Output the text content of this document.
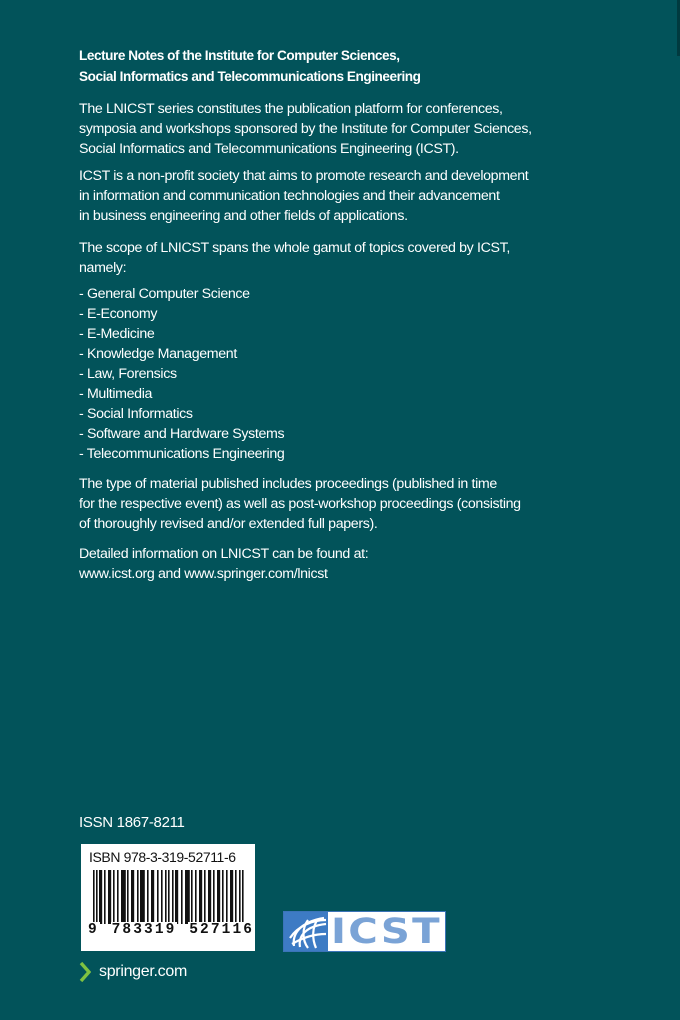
Lecture Notes of the Institute for Computer Sciences,
Social Informatics and Telecommunications Engineering
The LNICST series constitutes the publication platform for conferences,
symposia and workshops sponsored by the Institute for Computer Sciences,
Social Informatics and Telecommunications Engineering (ICST).
ICST is a non-profit society that aims to promote research and development
in information and communication technologies and their advancement
in business engineering and other fields of applications.
The scope of LNICST spans the whole gamut of topics covered by ICST,
namely:
- General Computer Science
- E-Economy
- E-Medicine
- Knowledge Management
- Law, Forensics
- Multimedia
- Social Informatics
- Software and Hardware Systems
- Telecommunications Engineering
The type of material published includes proceedings (published in time
for the respective event) as well as post-workshop proceedings (consisting
of thoroughly revised and/or extended full papers).
Detailed information on LNICST can be found at:
www.icst.org and www.springer.com/lnicst
ISSN 1867-8211
ISBN 978-3-319-52711-6
9 783319 527116	ICST
springer.com
